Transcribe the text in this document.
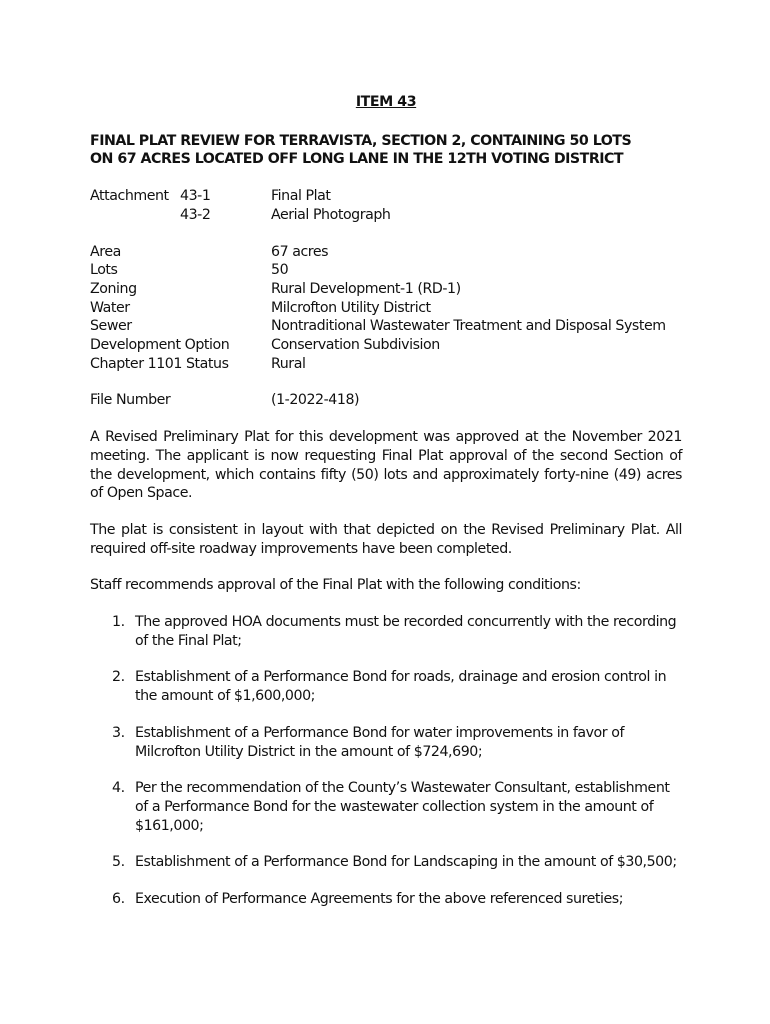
ITEM 43
FINAL PLAT REVIEW FOR TERRAVISTA, SECTION 2, CONTAINING 50 LOTS
ON 67 ACRES LOCATED OFF LONG LANE IN THE 12TH VOTING DISTRICT
Attachment	43-1	Final Plat
	43-2	Aerial Photograph
Area	67 acres
Lots	50
Zoning	Rural Development-1 (RD-1)
Water	Milcrofton Utility District
Sewer	Nontraditional Wastewater Treatment and Disposal System
Development Option	Conservation Subdivision
Chapter 1101 Status	Rural
File Number	(1-2022-418)

A Revised Preliminary Plat for this development was approved at the November 2021 meeting. The applicant is now requesting Final Plat approval of the second Section of the development, which contains fifty (50) lots and approximately forty-nine (49) acres of Open Space.

The plat is consistent in layout with that depicted on the Revised Preliminary Plat. All required off-site roadway improvements have been completed.

Staff recommends approval of the Final Plat with the following conditions:

1. The approved HOA documents must be recorded concurrently with the recording of the Final Plat;
2. Establishment of a Performance Bond for roads, drainage and erosion control in the amount of $1,600,000;
3. Establishment of a Performance Bond for water improvements in favor of Milcrofton Utility District in the amount of $724,690;
4. Per the recommendation of the County’s Wastewater Consultant, establishment of a Performance Bond for the wastewater collection system in the amount of $161,000;
5. Establishment of a Performance Bond for Landscaping in the amount of $30,500;
6. Execution of Performance Agreements for the above referenced sureties;
